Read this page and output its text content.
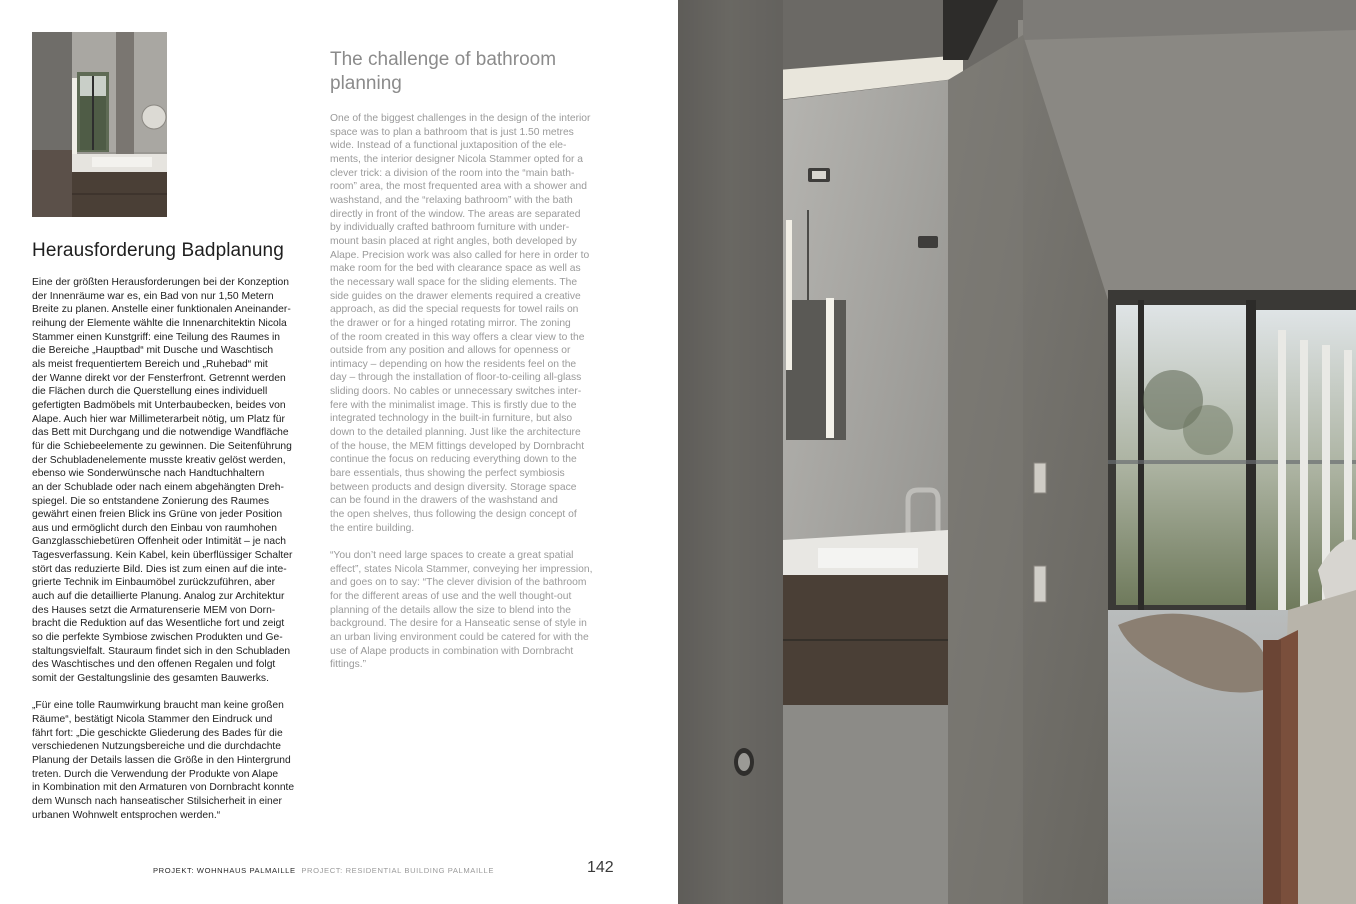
Herausforderung Badplanung

Eine der größten Herausforderungen bei der Konzeption
der Innenräume war es, ein Bad von nur 1,50 Metern
Breite zu planen. Anstelle einer funktionalen Aneinander-
reihung der Elemente wählte die Innenarchitektin Nicola
Stammer einen Kunstgriff: eine Teilung des Raumes in
die Bereiche „Hauptbad“ mit Dusche und Waschtisch
als meist frequentiertem Bereich und „Ruhebad“ mit
der Wanne direkt vor der Fensterfront. Getrennt werden
die Flächen durch die Querstellung eines individuell
gefertigten Badmöbels mit Unterbaubecken, beides von
Alape. Auch hier war Millimeterarbeit nötig, um Platz für
das Bett mit Durchgang und die notwendige Wandfläche
für die Schiebeelemente zu gewinnen. Die Seitenführung
der Schubladenelemente musste kreativ gelöst werden,
ebenso wie Sonderwünsche nach Handtuchhaltern
an der Schublade oder nach einem abgehängten Dreh-
spiegel. Die so entstandene Zonierung des Raumes
gewährt einen freien Blick ins Grüne von jeder Position
aus und ermöglicht durch den Einbau von raumhohen
Ganzglasschiebetüren Offenheit oder Intimität – je nach
Tagesverfassung. Kein Kabel, kein überflüssiger Schalter
stört das reduzierte Bild. Dies ist zum einen auf die inte-
grierte Technik im Einbaumöbel zurückzuführen, aber
auch auf die detaillierte Planung. Analog zur Architektur
des Hauses setzt die Armaturenserie MEM von Dorn-
bracht die Reduktion auf das Wesentliche fort und zeigt
so die perfekte Symbiose zwischen Produkten und Ge-
staltungsvielfalt. Stauraum findet sich in den Schubladen
des Waschtisches und den offenen Regalen und folgt
somit der Gestaltungslinie des gesamten Bauwerks.

„Für eine tolle Raumwirkung braucht man keine großen
Räume“, bestätigt Nicola Stammer den Eindruck und
fährt fort: „Die geschickte Gliederung des Bades für die
verschiedenen Nutzungsbereiche und die durchdachte
Planung der Details lassen die Größe in den Hintergrund
treten. Durch die Verwendung der Produkte von Alape
in Kombination mit den Armaturen von Dornbracht konnte
dem Wunsch nach hanseatischer Stilsicherheit in einer
urbanen Wohnwelt entsprochen werden.“

The challenge of bathroom
planning

One of the biggest challenges in the design of the interior
space was to plan a bathroom that is just 1.50 metres
wide. Instead of a functional juxtaposition of the ele-
ments, the interior designer Nicola Stammer opted for a
clever trick: a division of the room into the “main bath-
room” area, the most frequented area with a shower and
washstand, and the “relaxing bathroom” with the bath
directly in front of the window. The areas are separated
by individually crafted bathroom furniture with under-
mount basin placed at right angles, both developed by
Alape. Precision work was also called for here in order to
make room for the bed with clearance space as well as
the necessary wall space for the sliding elements. The
side guides on the drawer elements required a creative
approach, as did the special requests for towel rails on
the drawer or for a hinged rotating mirror. The zoning
of the room created in this way offers a clear view to the
outside from any position and allows for openness or
intimacy – depending on how the residents feel on the
day – through the installation of floor-to-ceiling all-glass
sliding doors. No cables or unnecessary switches inter-
fere with the minimalist image. This is firstly due to the
integrated technology in the built-in furniture, but also
down to the detailed planning. Just like the architecture
of the house, the MEM fittings developed by Dornbracht
continue the focus on reducing everything down to the
bare essentials, thus showing the perfect symbiosis
between products and design diversity. Storage space
can be found in the drawers of the washstand and
the open shelves, thus following the design concept of
the entire building.

“You don’t need large spaces to create a great spatial
effect”, states Nicola Stammer, conveying her impression,
and goes on to say: “The clever division of the bathroom
for the different areas of use and the well thought-out
planning of the details allow the size to blend into the
background. The desire for a Hanseatic sense of style in
an urban living environment could be catered for with the
use of Alape products in combination with Dornbracht
fittings.”

PROJEKT: WOHNHAUS PALMAILLE PROJECT: RESIDENTIAL BUILDING PALMAILLE	142
